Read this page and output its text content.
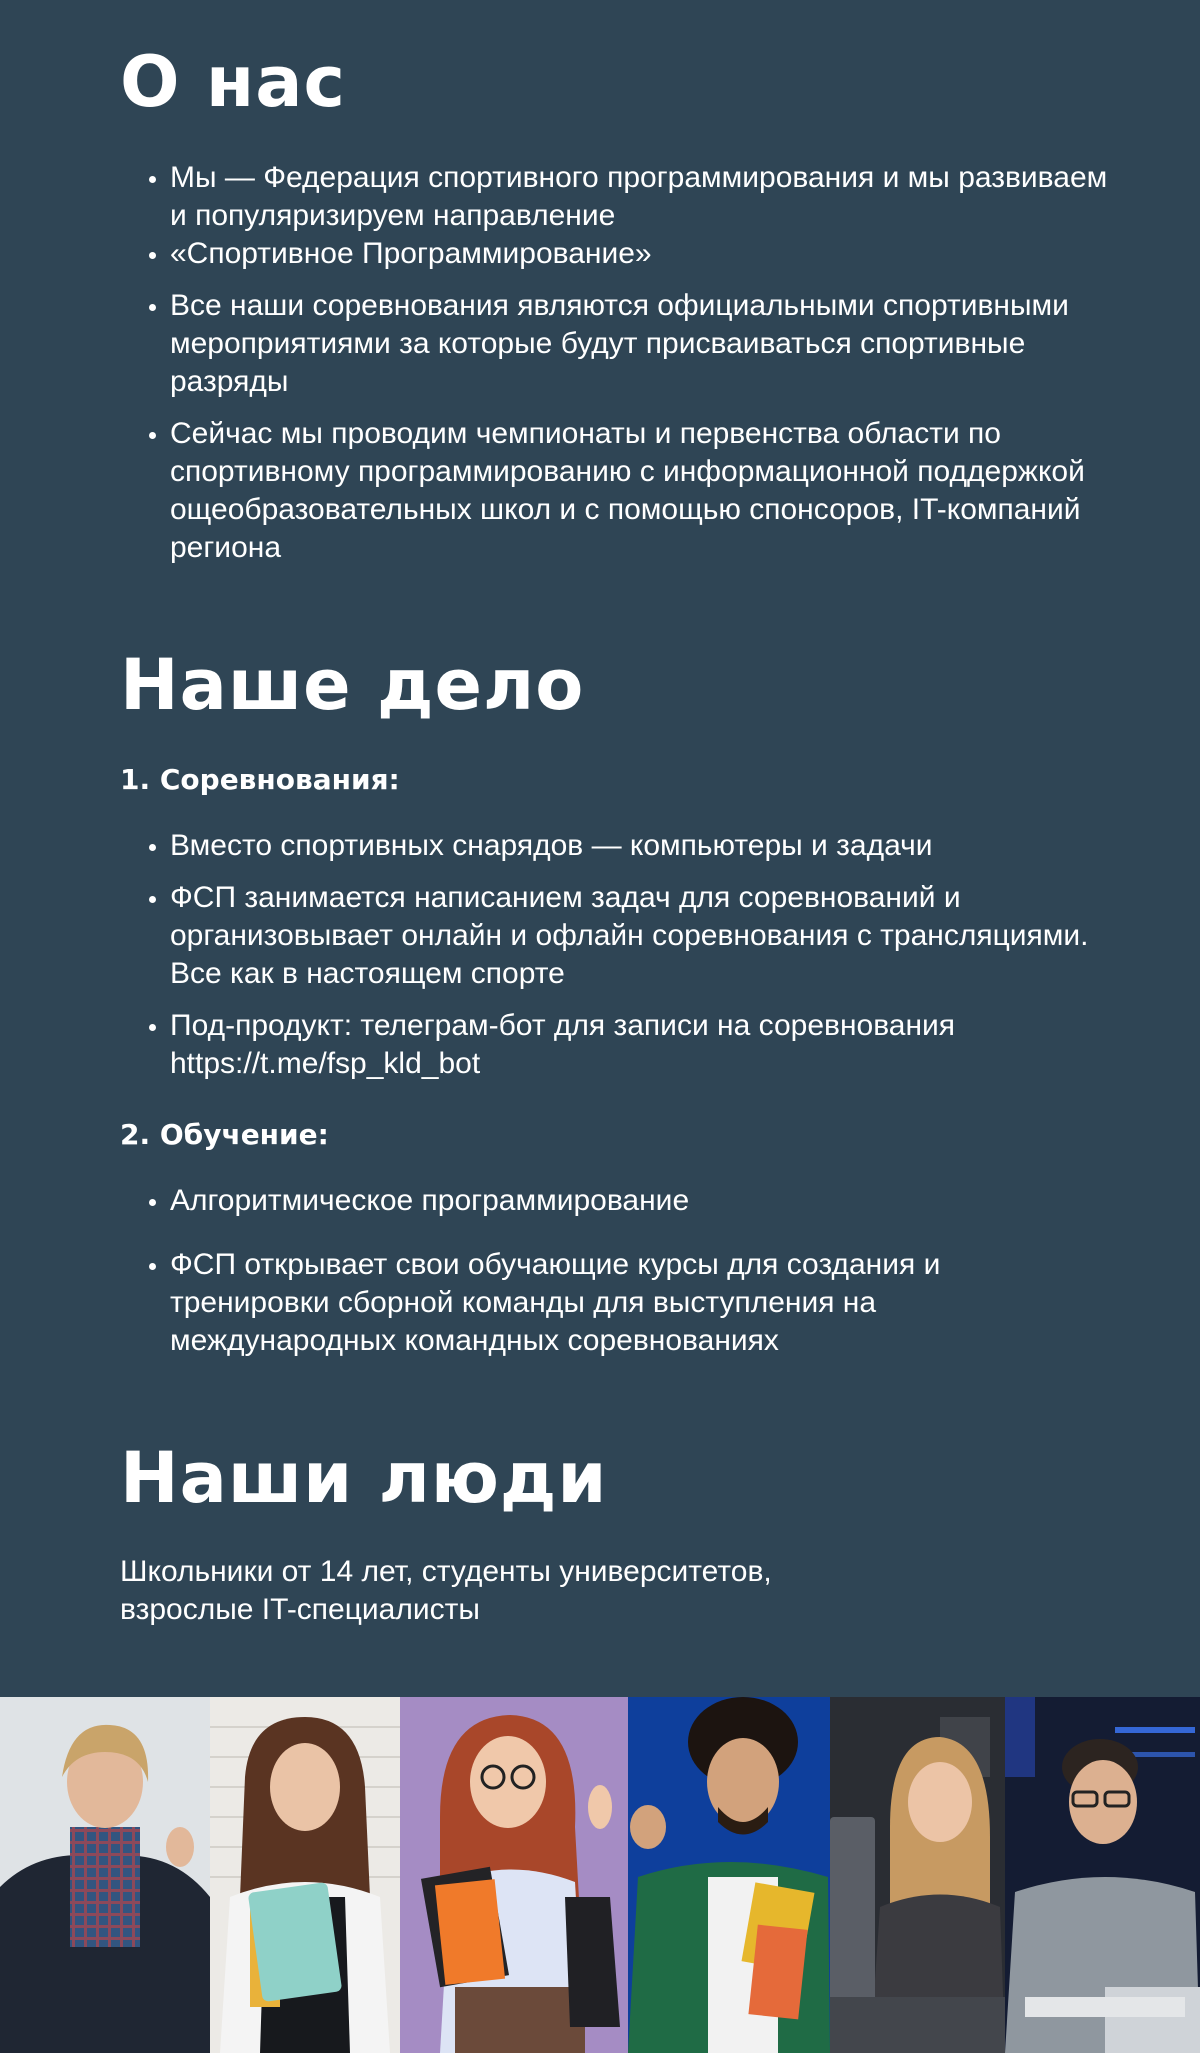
О нас
• Мы — Федерация спортивного программирования и мы развиваем и популяризируем направление
• «Спортивное Программирование»
• Все наши соревнования являются официальными спортивными мероприятиями за которые будут присваиваться спортивные разряды
• Сейчас мы проводим чемпионаты и первенства области по спортивному программированию с информационной поддержкой ощеобразовательных школ и с помощью спонсоров, IT-компаний региона
Наше дело
1. Соревнования:
• Вместо спортивных снарядов — компьютеры и задачи
• ФСП занимается написанием задач для соревнований и организовывает онлайн и офлайн соревнования с трансляциями. Все как в настоящем спорте
• Под-продукт: телеграм-бот для записи на соревнования https://t.me/fsp_kld_bot
2. Обучение:
• Алгоритмическое программирование
• ФСП открывает свои обучающие курсы для создания и тренировки сборной команды для выступления на международных командных соревнованиях
Наши люди

Школьники от 14 лет, студенты университетов, взрослые IT-специалисты
